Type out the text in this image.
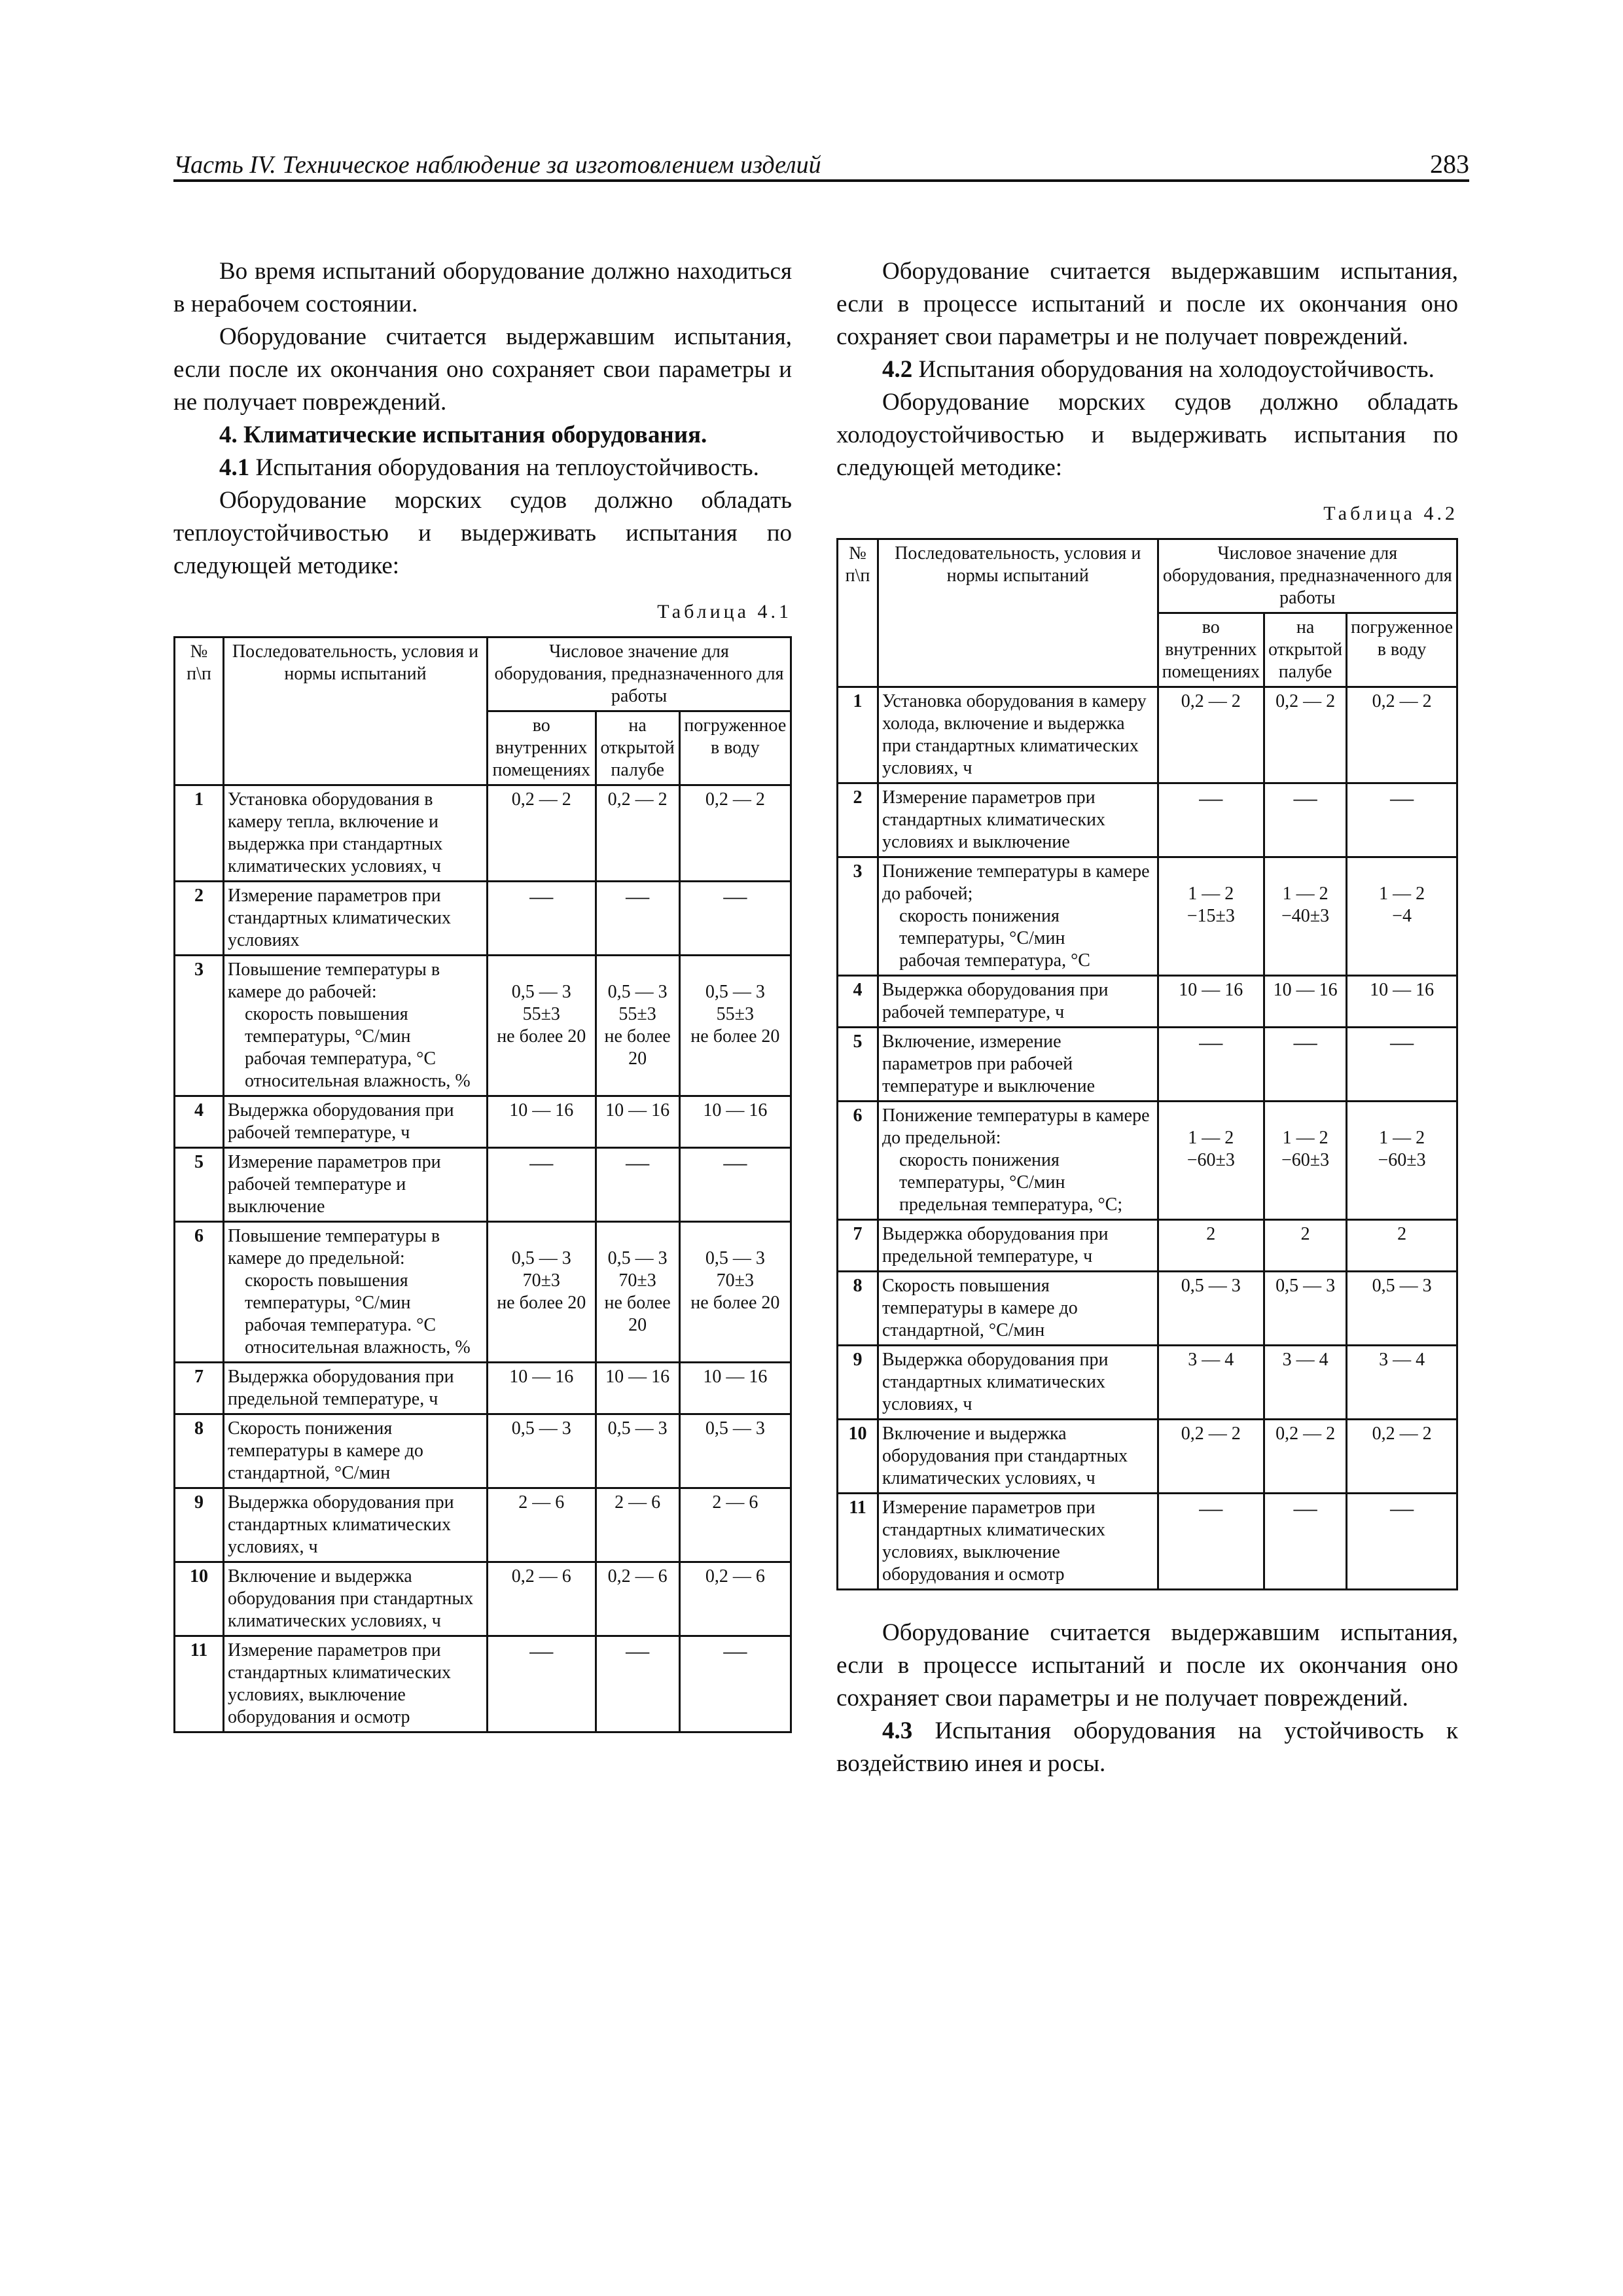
Часть IV. Техническое наблюдение за изготовлением изделий	283

Во время испытаний оборудование должно находиться в нерабочем состоянии.

Оборудование считается выдержавшим испытания, если после их окончания оно сохраняет свои параметры и не получает повреждений.

4. Климатические испытания оборудования.

4.1 Испытания оборудования на теплоустойчивость.

Оборудование морских судов должно обладать теплоустойчивостью и выдерживать испытания по следующей методике:

Таблица 4.1
№ п\п	Последовательность, условия и нормы испытаний	Числовое значение для оборудования, предназначенного для работы		
		во внутренних помещениях	на открытой палубе	погруженное в воду
1	Установка оборудования в камеру тепла, включение и выдержка при стандартных климатических условиях, ч	0,2 — 2	0,2 — 2	0,2 — 2

2	Измерение параметров при стандартных климатических условиях	—	—	—

3	Повышение температуры в камере до рабочей:
скорость повышения температуры, °С/мин
рабочая температура, °С
относительная влажность, %	0,5 — 3
55±3
не более 20	0,5 — 3
55±3
не более 20	0,5 — 3
55±3
не более 20

4	Выдержка оборудования при рабочей температуре, ч	10 — 16	10 — 16	10 — 16

5	Измерение параметров при рабочей температуре и выключение	—	—	—

6	Повышение температуры в камере до предельной:
скорость повышения температуры, °С/мин
рабочая температура. °С
относительная влажность, %	0,5 — 3
70±3
не более 20	0,5 — 3
70±3
не более 20	0,5 — 3
70±3
не более 20

7	Выдержка оборудования при предельной температуре, ч	10 — 16	10 — 16	10 — 16

8	Скорость понижения температуры в камере до стандартной, °С/мин	0,5 — 3	0,5 — 3	0,5 — 3

9	Выдержка оборудования при стандартных климатических условиях, ч	2 — 6	2 — 6	2 — 6

10	Включение и выдержка оборудования при стандартных климатических условиях, ч	0,2 — 6	0,2 — 6	0,2 — 6

11	Измерение параметров при стандартных климатических условиях, выключение оборудования и осмотр	—	—	—

Оборудование считается выдержавшим испытания, если в процессе испытаний и после их окончания оно сохраняет свои параметры и не получает повреждений.

4.2 Испытания оборудования на холодоустойчивость.

Оборудование морских судов должно обладать холодоустойчивостью и выдерживать испытания по следующей методике:

Таблица 4.2
№ п\п	Последовательность, условия и нормы испытаний	Числовое значение для оборудования, предназначенного для работы		
		во внутренних помещениях	на открытой палубе	погруженное в воду
1	Установка оборудования в камеру холода, включение и выдержка при стандартных климатических условиях, ч	0,2 — 2	0,2 — 2	0,2 — 2

2	Измерение параметров при стандартных климатических условиях и выключение	—	—	—

3	Понижение температуры в камере до рабочей;
скорость понижения температуры, °С/мин
рабочая температура, °С	1 — 2
−15±3	1 — 2
−40±3	1 — 2
−4

4	Выдержка оборудования при рабочей температуре, ч	10 — 16	10 — 16	10 — 16

5	Включение, измерение параметров при рабочей температуре и выключение	—	—	—

6	Понижение температуры в камере до предельной:
скорость понижения температуры, °С/мин
предельная температура, °С;	1 — 2
−60±3	1 — 2
−60±3	1 — 2
−60±3

7	Выдержка оборудования при предельной температуре, ч	2	2	2

8	Скорость повышения температуры в камере до стандартной, °С/мин	0,5 — 3	0,5 — 3	0,5 — 3

9	Выдержка оборудования при стандартных климатических условиях, ч	3 — 4	3 — 4	3 — 4

10	Включение и выдержка оборудования при стандартных климатических условиях, ч	0,2 — 2	0,2 — 2	0,2 — 2

11	Измерение параметров при стандартных климатических условиях, выключение оборудования и осмотр	—	—	—

Оборудование считается выдержавшим испытания, если в процессе испытаний и после их окончания оно сохраняет свои параметры и не получает повреждений.

4.3 Испытания оборудования на устойчивость к воздействию инея и росы.
